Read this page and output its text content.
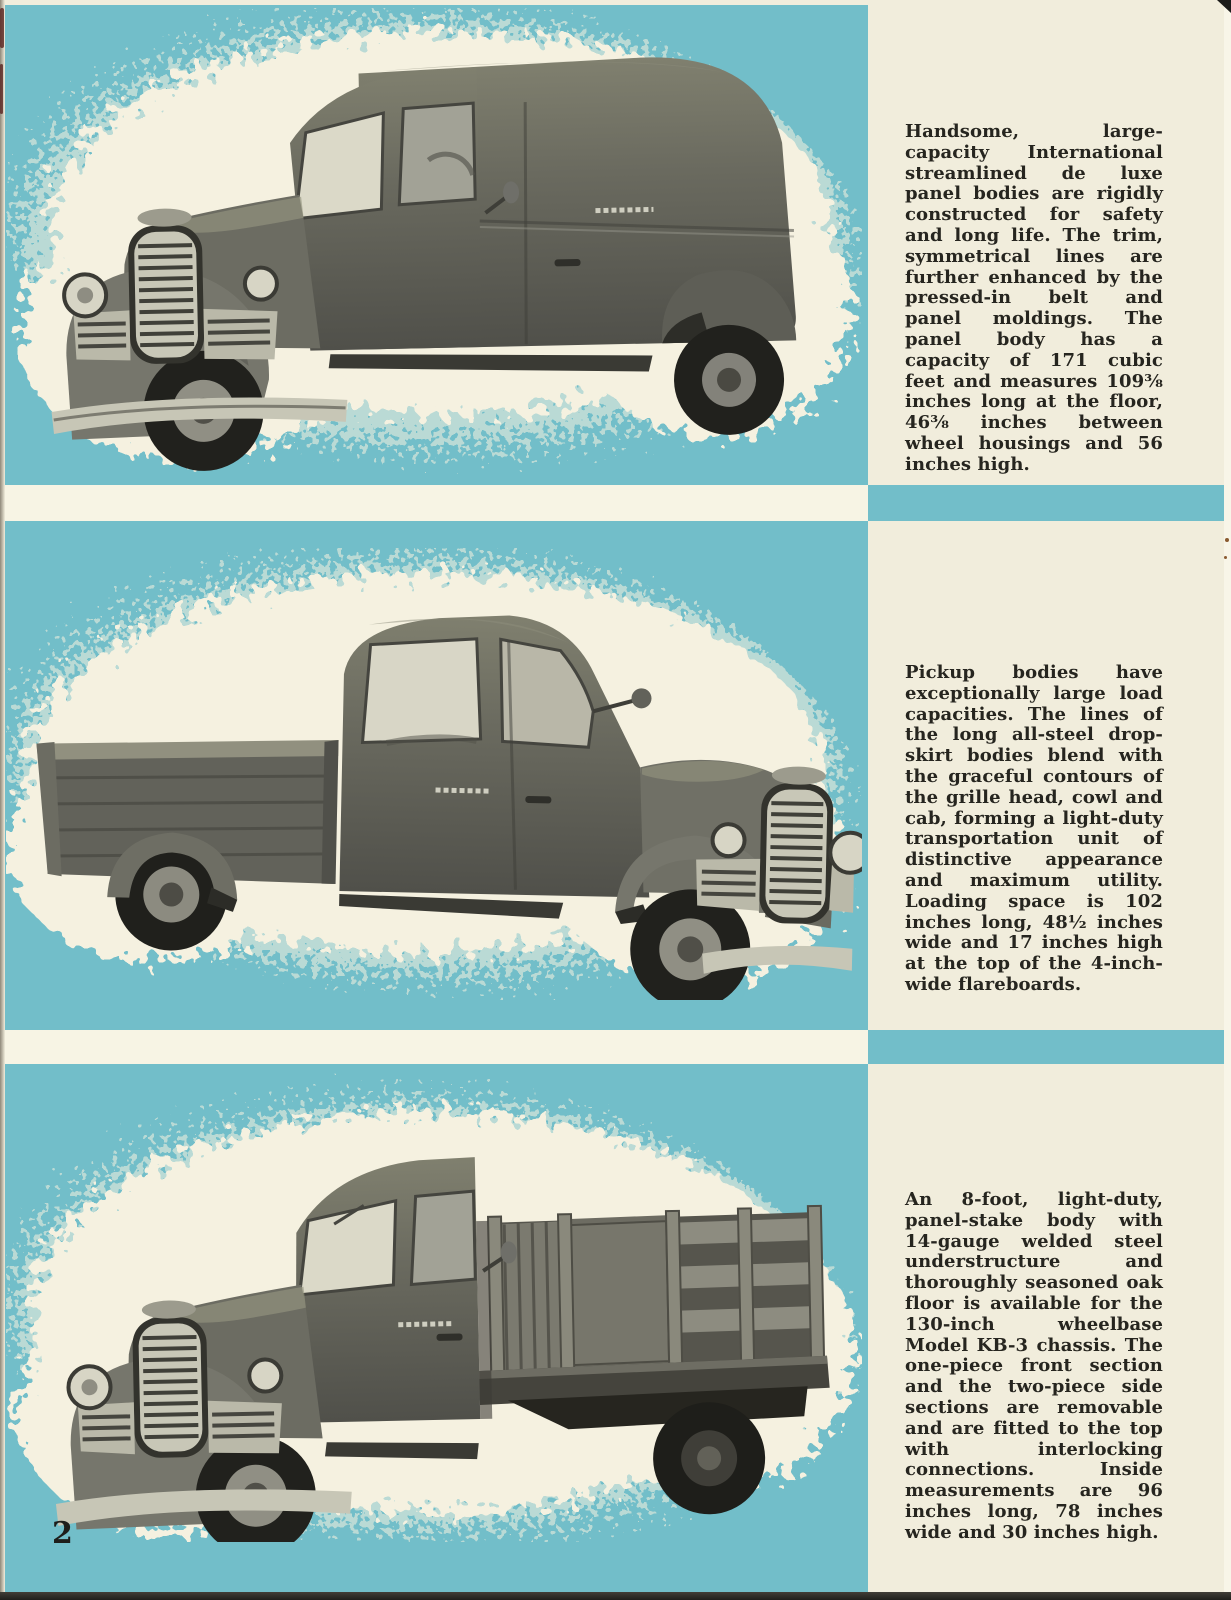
Handsome, large-capacity International streamlined de luxe panel bodies are rigidly constructed for safety and long life. The trim, symmetrical lines are further enhanced by the pressed-in belt and panel moldings. The panel body has a capacity of 171 cubic feet and measures 109⅜ inches long at the floor, 46⅜ inches between wheel housings and 56 inches high.

Pickup bodies have exceptionally large load capacities. The lines of the long all-steel drop-skirt bodies blend with the graceful contours of the grille head, cowl and cab, forming a light-duty transportation unit of distinctive appearance and maximum utility. Loading space is 102 inches long, 48½ inches wide and 17 inches high at the top of the 4-inch-wide flareboards.

An 8-foot, light-duty, panel-stake body with 14-gauge welded steel understructure and thoroughly seasoned oak floor is available for the 130-inch wheelbase Model KB-3 chassis. The one-piece front section and the two-piece side sections are removable and are fitted to the top with interlocking connections. Inside measurements are 96 inches long, 78 inches wide and 30 inches high.

2
